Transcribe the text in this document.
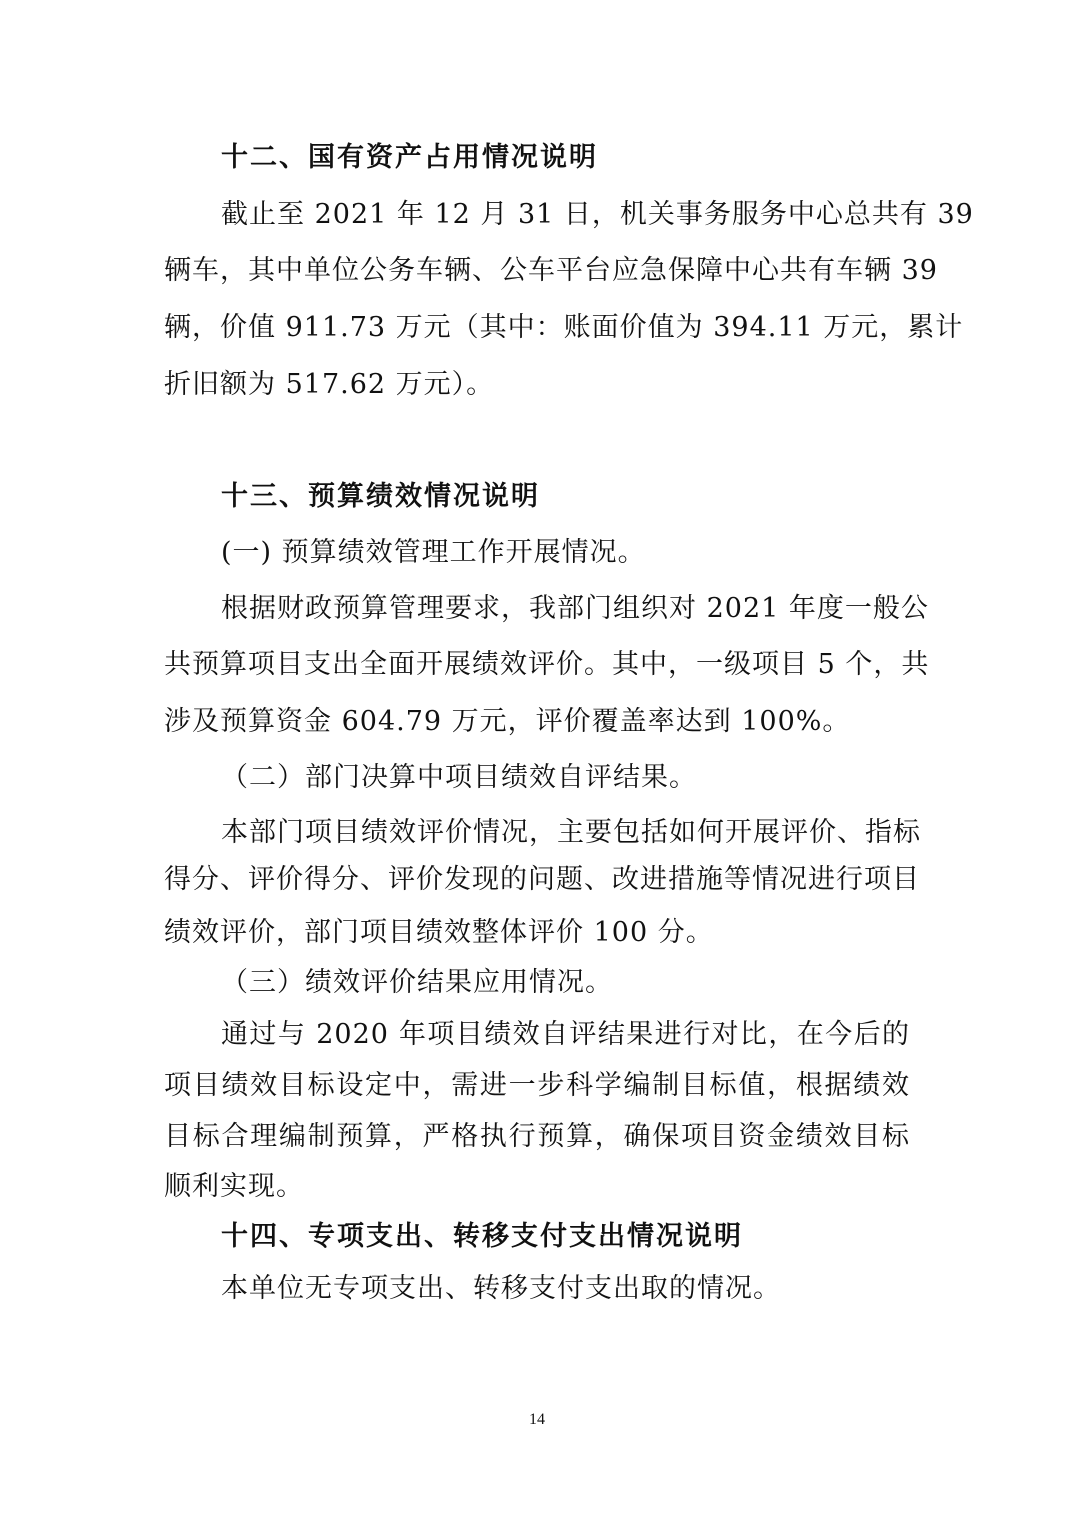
十二、国有资产占用情况说明
截止至 2021 年 12 月 31 日，机关事务服务中心总共有 39
辆车，其中单位公务车辆、公车平台应急保障中心共有车辆 39
辆，价值 911.73 万元（其中：账面价值为 394.11 万元，累计
折旧额为 517.62 万元）。
十三、预算绩效情况说明
(一) 预算绩效管理工作开展情况。
根据财政预算管理要求，我部门组织对 2021 年度一般公
共预算项目支出全面开展绩效评价。其中，一级项目 5 个，共
涉及预算资金 604.79 万元，评价覆盖率达到 100%。
（二）部门决算中项目绩效自评结果。
本部门项目绩效评价情况，主要包括如何开展评价、指标
得分、评价得分、评价发现的问题、改进措施等情况进行项目
绩效评价，部门项目绩效整体评价 100 分。
（三）绩效评价结果应用情况。
通过与 2020 年项目绩效自评结果进行对比，在今后的
项目绩效目标设定中，需进一步科学编制目标值，根据绩效
目标合理编制预算，严格执行预算，确保项目资金绩效目标
顺利实现。
十四、专项支出、转移支付支出情况说明
本单位无专项支出、转移支付支出取的情况。
14
